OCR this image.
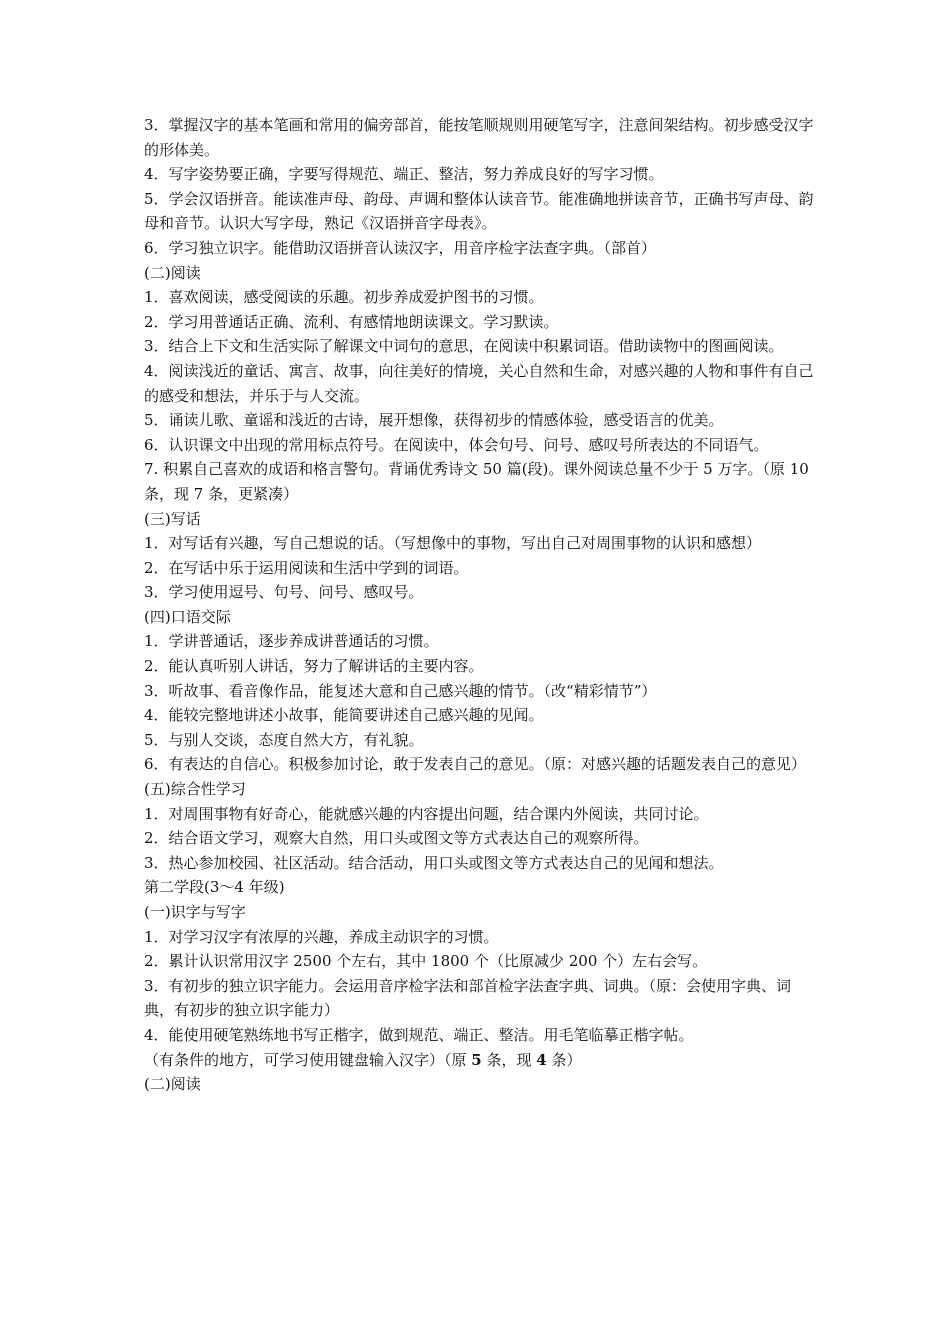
3．掌握汉字的基本笔画和常用的偏旁部首，能按笔顺规则用硬笔写字，注意间架结构。初步感受汉字的形体美。
4．写字姿势要正确，字要写得规范、端正、整洁，努力养成良好的写字习惯。
5．学会汉语拼音。能读准声母、韵母、声调和整体认读音节。能准确地拼读音节，正确书写声母、韵母和音节。认识大写字母，熟记《汉语拼音字母表》。
6．学习独立识字。能借助汉语拼音认读汉字，用音序检字法查字典。（部首）
(二)阅读
1．喜欢阅读，感受阅读的乐趣。初步养成爱护图书的习惯。
2．学习用普通话正确、流利、有感情地朗读课文。学习默读。
3．结合上下文和生活实际了解课文中词句的意思，在阅读中积累词语。借助读物中的图画阅读。
4．阅读浅近的童话、寓言、故事，向往美好的情境，关心自然和生命，对感兴趣的人物和事件有自己的感受和想法，并乐于与人交流。
5．诵读儿歌、童谣和浅近的古诗，展开想像，获得初步的情感体验，感受语言的优美。
6．认识课文中出现的常用标点符号。在阅读中，体会句号、问号、感叹号所表达的不同语气。
7. 积累自己喜欢的成语和格言警句。背诵优秀诗文 50 篇(段)。课外阅读总量不少于 5 万字。（原 10 条，现 7 条，更紧凑）
(三)写话
1．对写话有兴趣，写自己想说的话。（写想像中的事物，写出自己对周围事物的认识和感想）
2．在写话中乐于运用阅读和生活中学到的词语。
3．学习使用逗号、句号、问号、感叹号。
(四)口语交际
1．学讲普通话，逐步养成讲普通话的习惯。
2．能认真听别人讲话，努力了解讲话的主要内容。
3．听故事、看音像作品，能复述大意和自己感兴趣的情节。（改“精彩情节”）
4．能较完整地讲述小故事，能简要讲述自己感兴趣的见闻。
5．与别人交谈，态度自然大方，有礼貌。
6．有表达的自信心。积极参加讨论，敢于发表自己的意见。（原：对感兴趣的话题发表自己的意见）
(五)综合性学习
1．对周围事物有好奇心，能就感兴趣的内容提出问题，结合课内外阅读，共同讨论。
2．结合语文学习，观察大自然，用口头或图文等方式表达自己的观察所得。
3．热心参加校园、社区活动。结合活动，用口头或图文等方式表达自己的见闻和想法。
第二学段(3～4 年级)
(一)识字与写字
1．对学习汉字有浓厚的兴趣，养成主动识字的习惯。
2．累计认识常用汉字 2500 个左右，其中 1800 个（比原减少 200 个）左右会写。
3．有初步的独立识字能力。会运用音序检字法和部首检字法查字典、词典。（原：会使用字典、词典，有初步的独立识字能力）
4．能使用硬笔熟练地书写正楷字，做到规范、端正、整洁。用毛笔临摹正楷字帖。
（有条件的地方，可学习使用键盘输入汉字）（原 5 条，现 4 条）
(二)阅读
